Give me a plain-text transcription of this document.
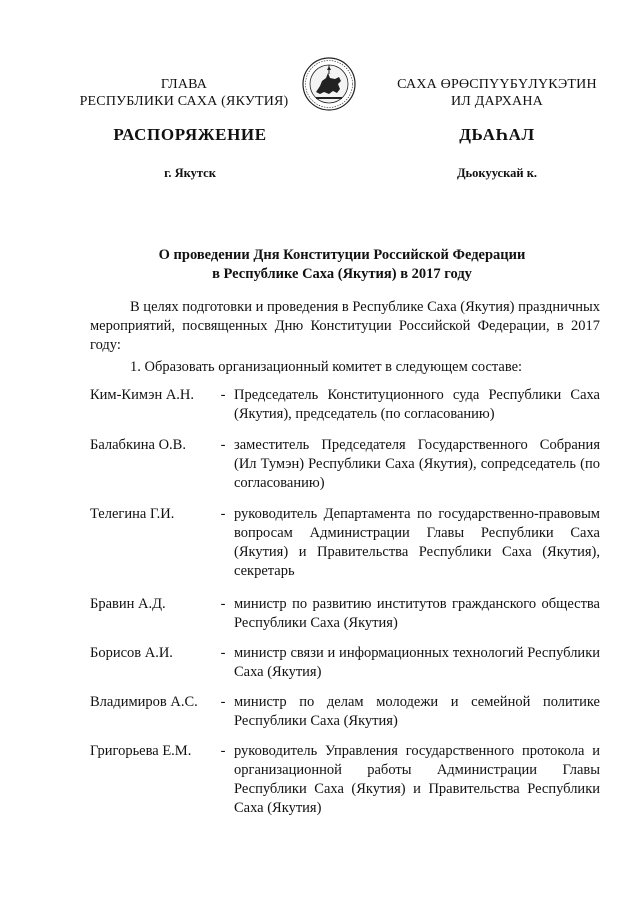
ГЛАВА
РЕСПУБЛИКИ САХА (ЯКУТИЯ)
САХА ӨРӨСПҮҮБҮЛҮКЭТИН
ИЛ ДАРХАНА
РАСПОРЯЖЕНИЕ	ДЬАҺАЛ
г. Якутск	Дьокуускай к.
О проведении Дня Конституции Российской Федерации
в Республике Саха (Якутия) в 2017 году
В целях подготовки и проведения в Республике Саха (Якутия) праздничных мероприятий, посвященных Дню Конституции Российской Федерации, в 2017 году:
1. Образовать организационный комитет в следующем составе:
Ким-Кимэн А.Н.	- Председатель Конституционного суда Республики Саха (Якутия), председатель (по согласованию)
Балабкина О.В.	- заместитель Председателя Государственного Собрания (Ил Тумэн) Республики Саха (Якутия), сопредседатель (по согласованию)
Телегина Г.И.	- руководитель Департамента по государственно-правовым вопросам Администрации Главы Республики Саха (Якутия) и Правительства Республики Саха (Якутия), секретарь
Бравин А.Д.	- министр по развитию институтов гражданского общества Республики Саха (Якутия)
Борисов А.И.	- министр связи и информационных технологий Республики Саха (Якутия)
Владимиров А.С.	- министр по делам молодежи и семейной политике Республики Саха (Якутия)
Григорьева Е.М.	- руководитель Управления государственного протокола и организационной работы Администрации Главы Республики Саха (Якутия) и Правительства Республики Саха (Якутия)
